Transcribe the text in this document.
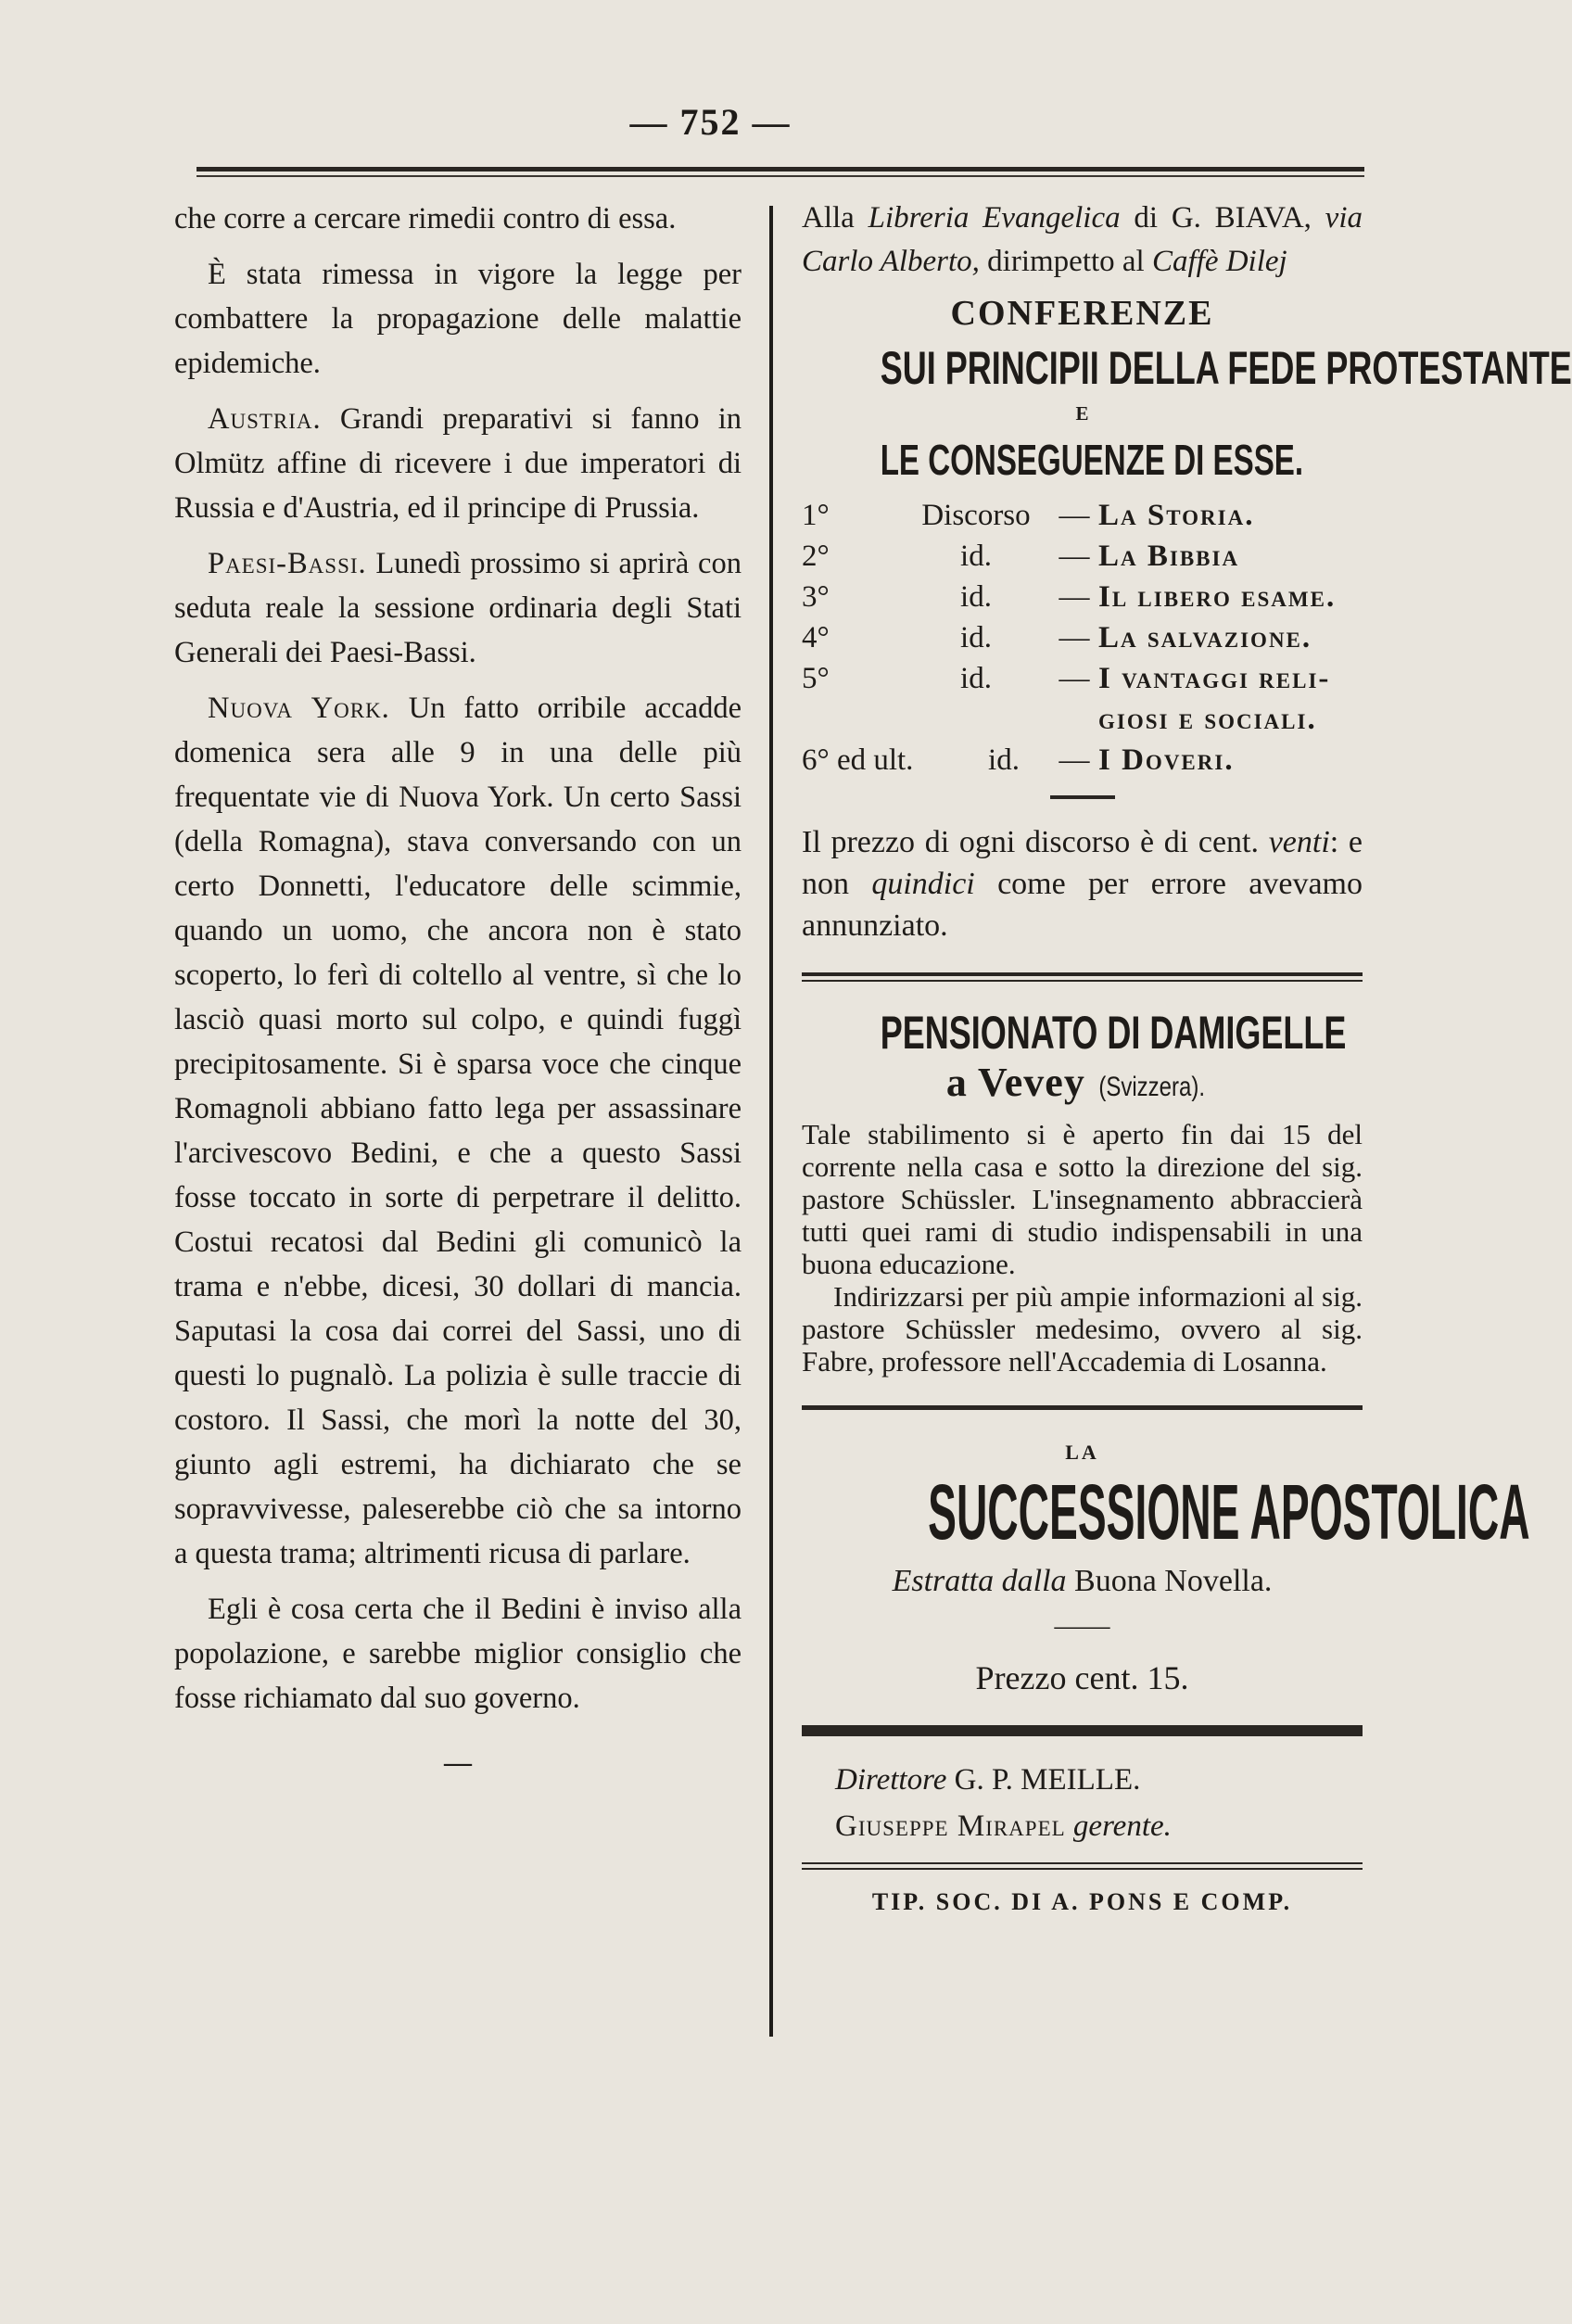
— 752 —

che corre a cercare rimedii contro di essa.

È stata rimessa in vigore la legge per combattere la propagazione delle malattie epidemiche.

Austria. Grandi preparativi si fanno in Olmütz affine di ricevere i due imperatori di Russia e d'Austria, ed il principe di Prussia.

Paesi-Bassi. Lunedì prossimo si aprirà con seduta reale la sessione ordinaria degli Stati Generali dei Paesi-Bassi.

Nuova York. Un fatto orribile accadde domenica sera alle 9 in una delle più frequentate vie di Nuova York. Un certo Sassi (della Romagna), stava conversando con un certo Donnetti, l'educatore delle scimmie, quando un uomo, che ancora non è stato scoperto, lo ferì di coltello al ventre, sì che lo lasciò quasi morto sul colpo, e quindi fuggì precipitosamente. Si è sparsa voce che cinque Romagnoli abbiano fatto lega per assassinare l'arcivescovo Bedini, e che a questo Sassi fosse toccato in sorte di perpetrare il delitto. Costui recatosi dal Bedini gli comunicò la trama e n'ebbe, dicesi, 30 dollari di mancia. Saputasi la cosa dai correi del Sassi, uno di questi lo pugnalò. La polizia è sulle traccie di costoro. Il Sassi, che morì la notte del 30, giunto agli estremi, ha dichiarato che se sopravvivesse, paleserebbe ciò che sa intorno a questa trama; altrimenti ricusa di parlare.

Egli è cosa certa che il Bedini è inviso alla popolazione, e sarebbe miglior consiglio che fosse richiamato dal suo governo.

—
Alla Libreria Evangelica di G. BIAVA, via Carlo Alberto, dirimpetto al Caffè Dilej
CONFERENZE
SUI PRINCIPII DELLA FEDE PROTESTANTE
E
LE CONSEGUENZE DI ESSE.
1°	Discorso — La Storia.
2°	id.	— La Bibbia
3°	id.	— Il libero esame.
4°	id.	— La salvazione.
5°	id.	— I vantaggi reli-
giosi e sociali.
6° ed ult.	id.	— I Doveri.
Il prezzo di ogni discorso è di cent. venti: e non quindici come per errore avevamo annunziato.
PENSIONATO DI DAMIGELLE
a Vevey(Svizzera).

Tale stabilimento si è aperto fin dai 15 del corrente nella casa e sotto la direzione del sig. pastore Schüssler. L'insegnamento abbraccierà tutti quei rami di studio indispensabili in una buona educazione.

Indirizzarsi per più ampie informazioni al sig. pastore Schüssler medesimo, ovvero al sig. Fabre, professore nell'Accademia di Losanna.

LA
SUCCESSIONE APOSTOLICA
Estratta dalla Buona Novella.
——
Prezzo cent. 15.
Direttore G. P. MEILLE.
Giuseppe Mirapel gerente.
TIP. SOC. DI A. PONS E COMP.
